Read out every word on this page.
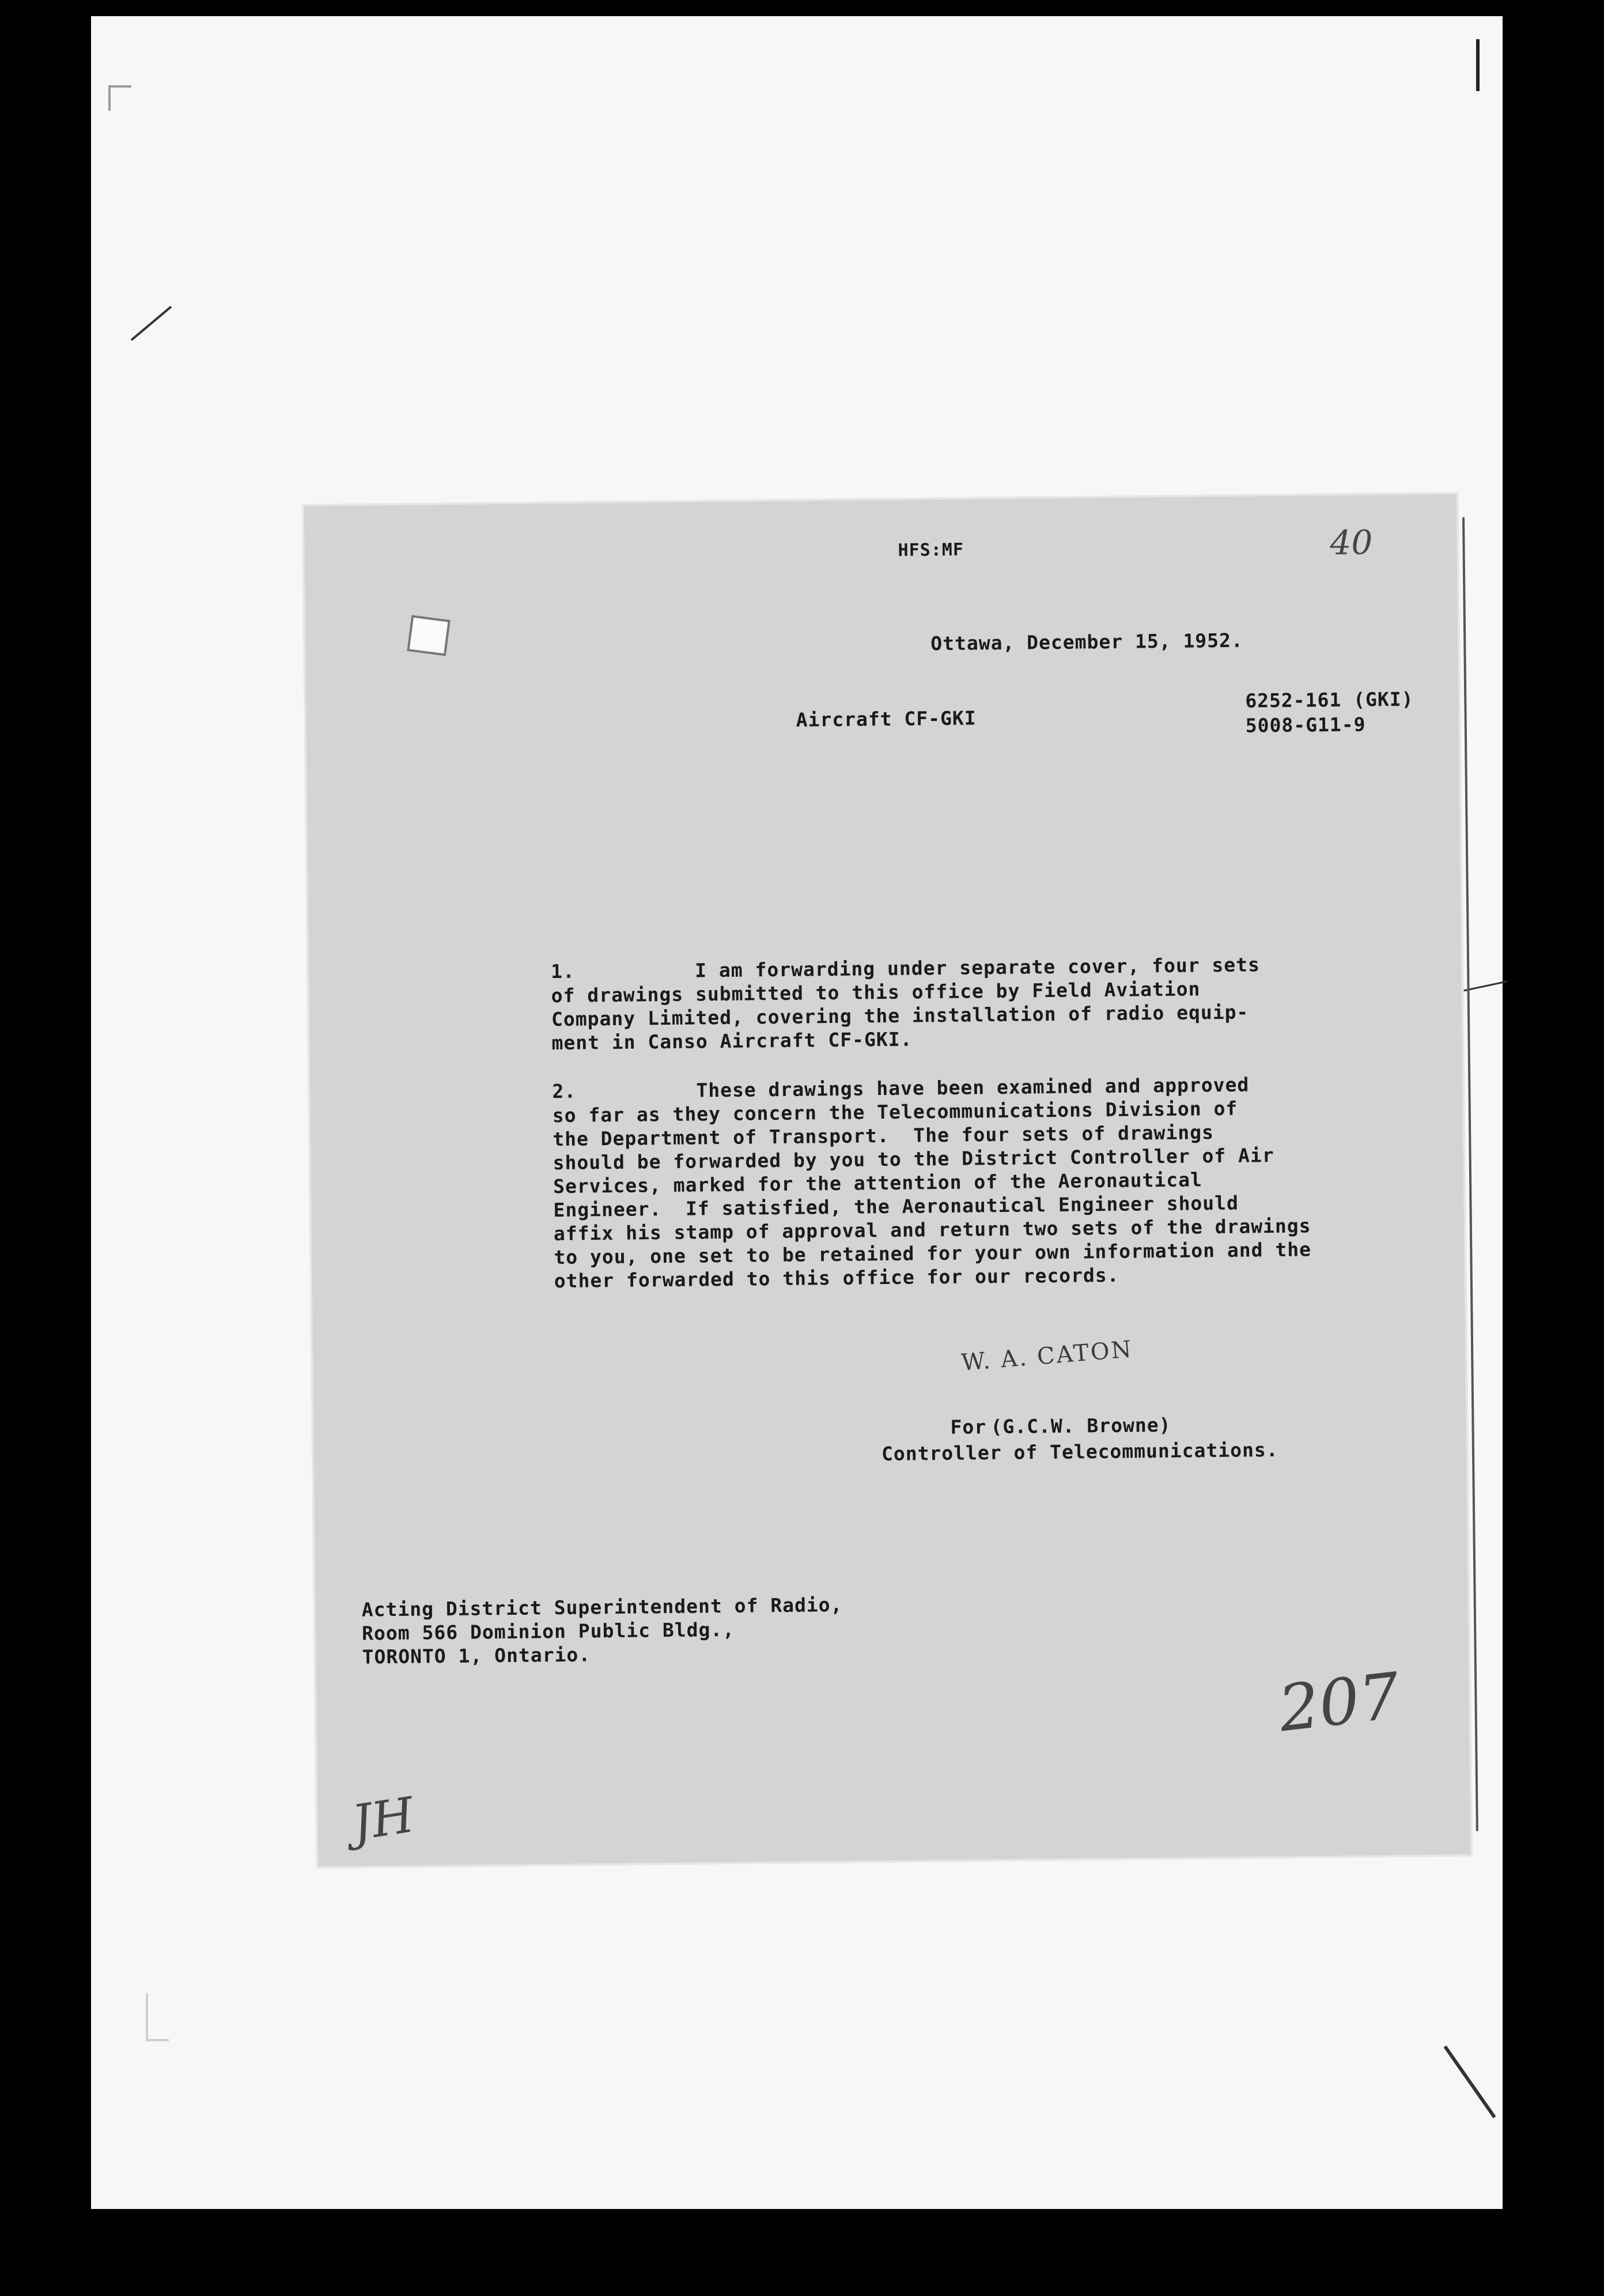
HFS:MF	40
Ottawa, December 15, 1952.
Aircraft CF-GKI
6252-161 (GKI)
5008-G11-9
1.	I am forwarding under separate cover, four sets
of drawings submitted to this office by Field Aviation
Company Limited, covering the installation of radio equip-
ment in Canso Aircraft CF-GKI.
2.	These drawings have been examined and approved
so far as they concern the Telecommunications Division of
the Department of Transport.  The four sets of drawings
should be forwarded by you to the District Controller of Air
Services, marked for the attention of the Aeronautical
Engineer.  If satisfied, the Aeronautical Engineer should
affix his stamp of approval and return two sets of the drawings
to you, one set to be retained for your own information and the
other forwarded to this office for our records.
W. A. CATON
For (G.C.W. Browne)
Controller of Telecommunications.
Acting District Superintendent of Radio,
Room 566 Dominion Public Bldg.,
TORONTO 1, Ontario.
207
JH
